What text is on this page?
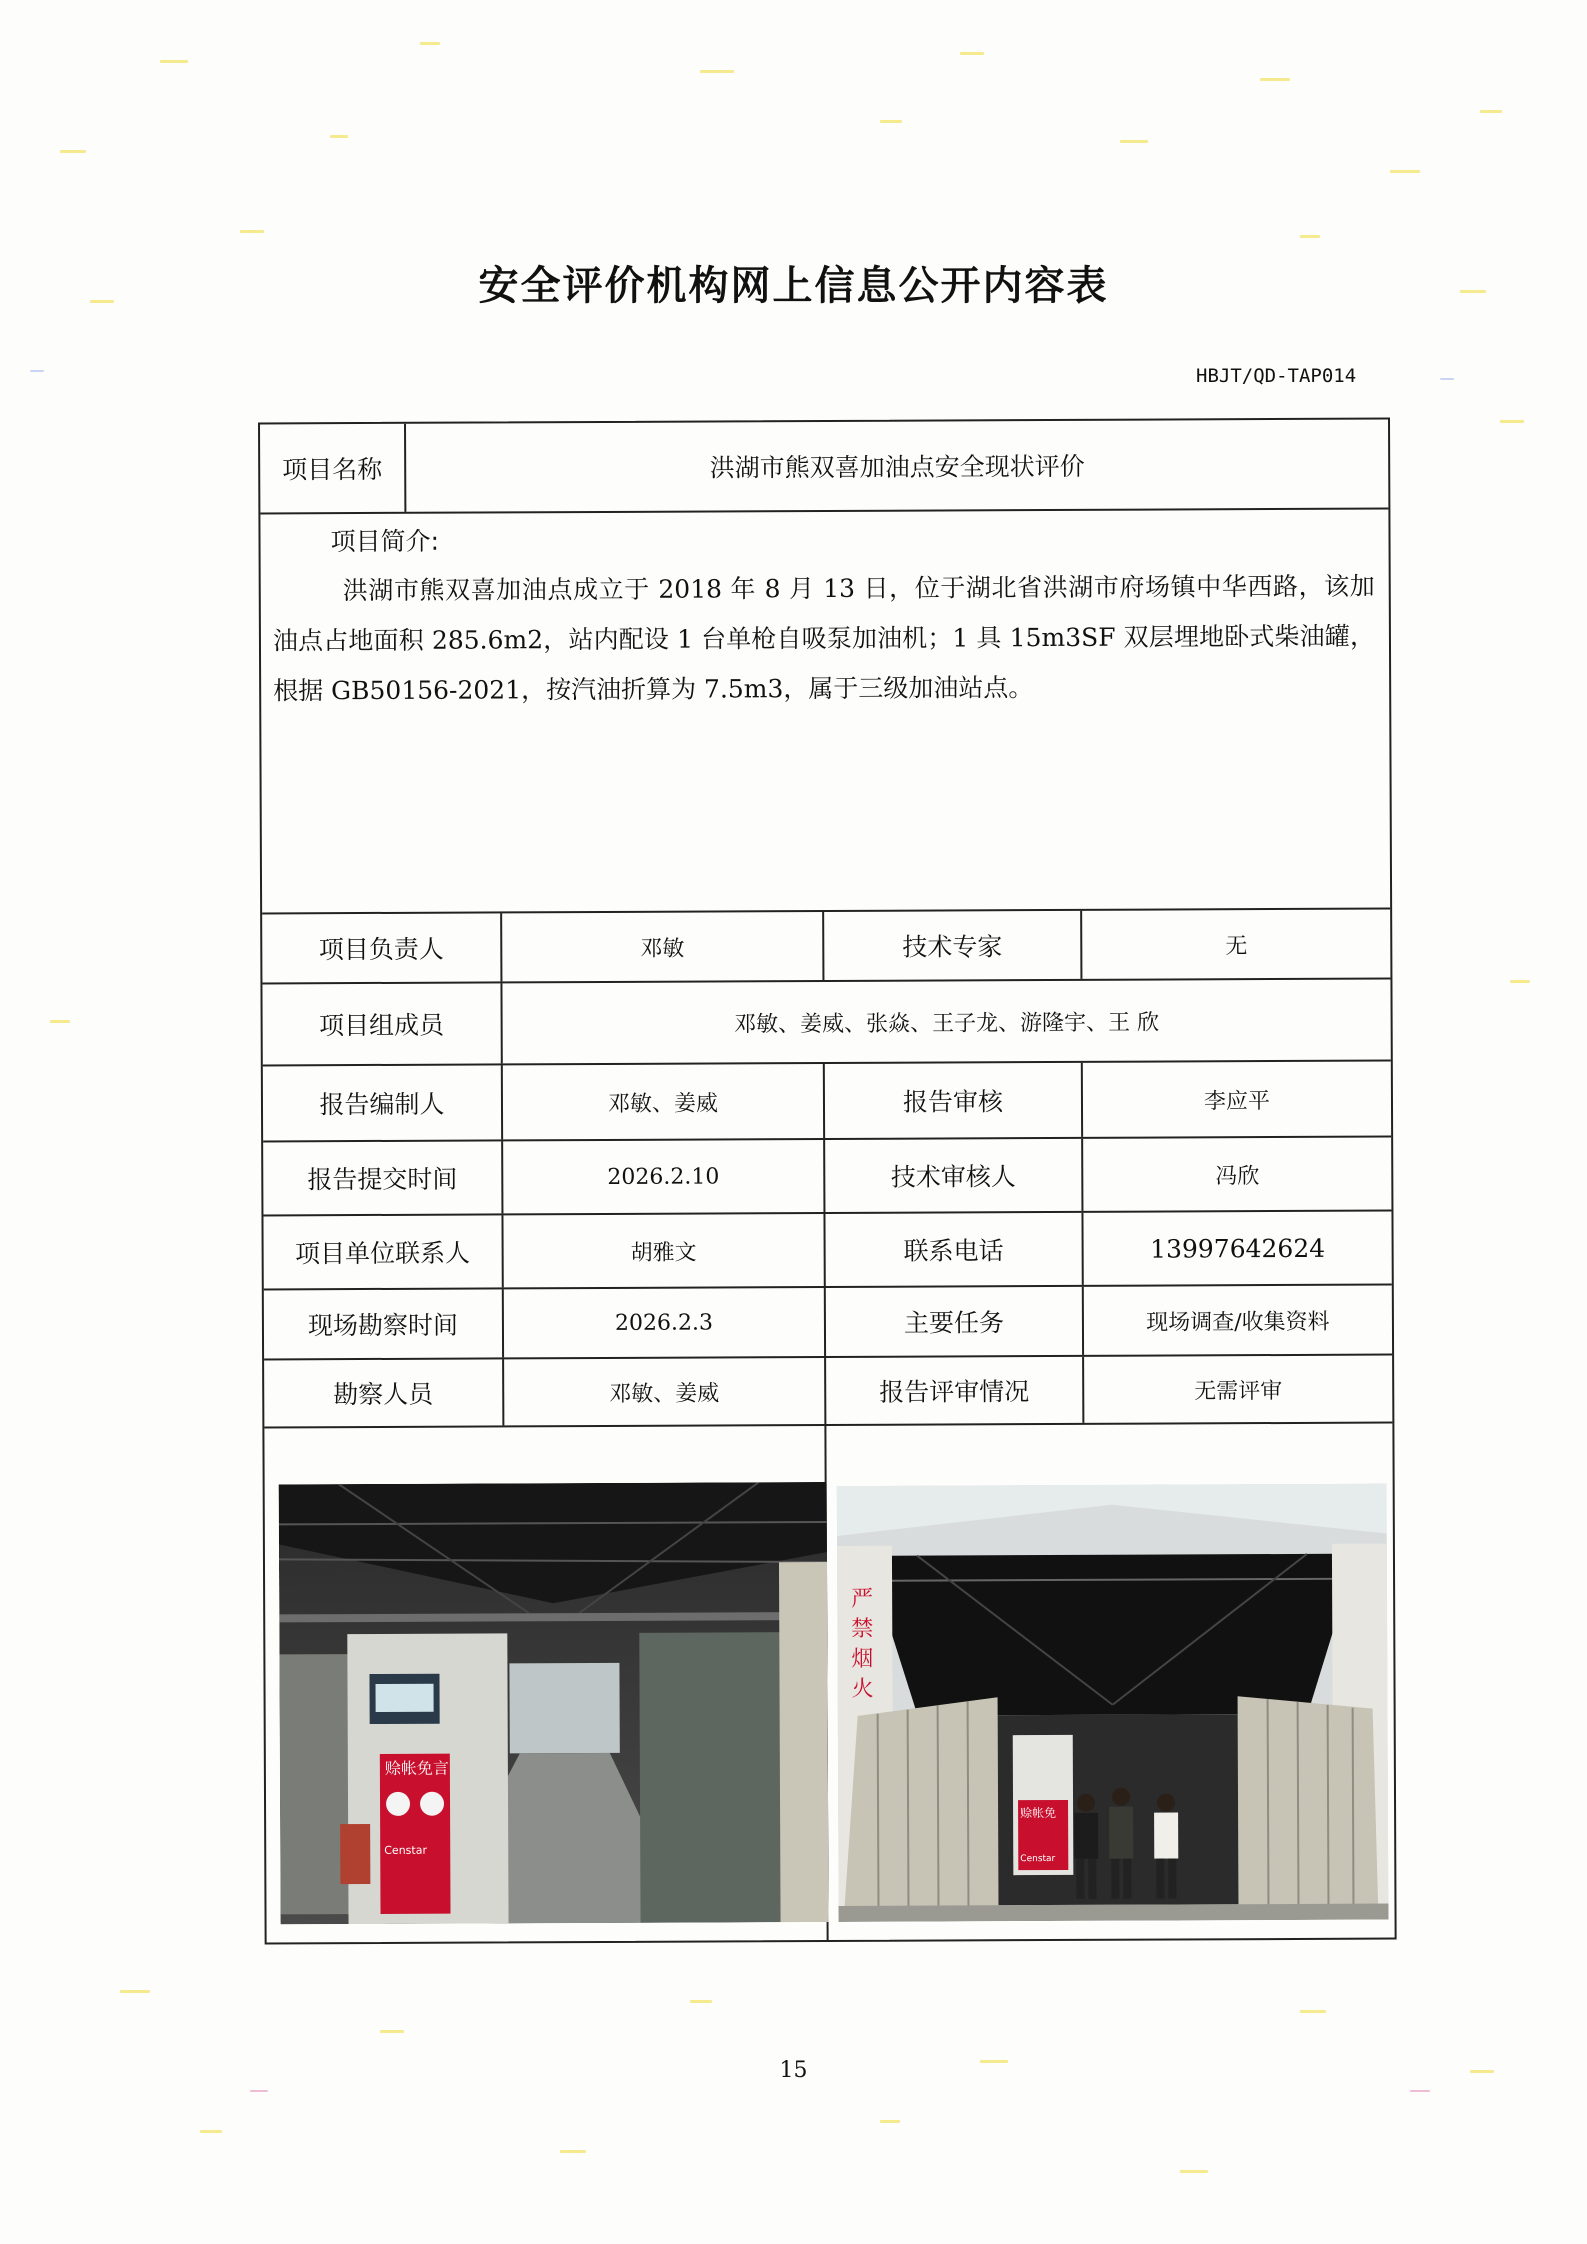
安全评价机构网上信息公开内容表
HBJT/QD-TAP014
项目名称	洪湖市熊双喜加油点安全现状评价
项目简介:
洪湖市熊双喜加油点成立于 2018 年 8 月 13 日，位于湖北省洪湖市府场镇中华西路，该加油点占地面积 285.6m2，站内配设 1 台单枪自吸泵加油机；1 具 15m3SF 双层埋地卧式柴油罐，根据 GB50156-2021，按汽油折算为 7.5m3，属于三级加油站点。
项目负责人	邓敏	技术专家	无
项目组成员	邓敏、姜威、张焱、王子龙、游隆宇、王 欣
报告编制人	邓敏、姜威	报告审核	李应平
报告提交时间	2026.2.10	技术审核人	冯欣
项目单位联系人	胡雅文	联系电话	13997642624
现场勘察时间	2026.2.3	主要任务	现场调查/收集资料
勘察人员	邓敏、姜威	报告评审情况	无需评审
赊帐免言
Censtar
严
禁
烟
火
赊帐免
Censtar
15
